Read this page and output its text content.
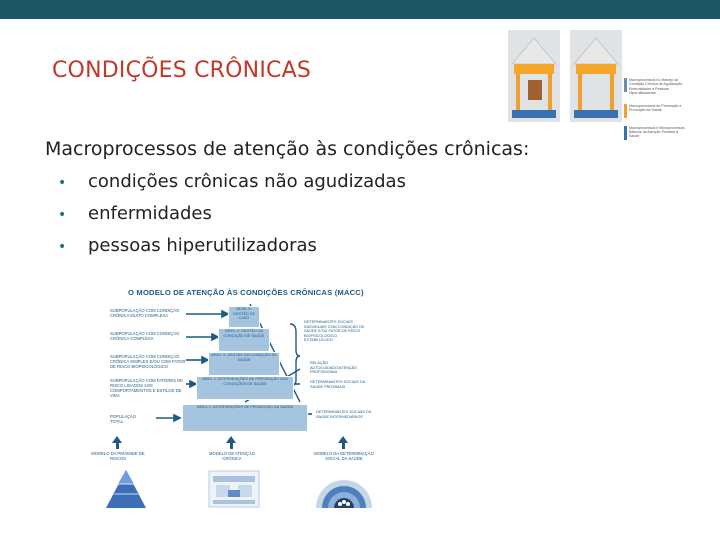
CONDIÇÕES CRÔNICAS	Macroprocessos no Manejo da Condição Crônica de Agudização, Enfermidades e Pessoas Hiperutilizadoras
Macroprocessos de Prevenção e Promoção da Saúde
Macroprocessos e Microprocessos Básicos da Atenção Primária à Saúde
Macroprocessos de atenção às condições crônicas:
• condições crônicas não agudizadas
• enfermidades
• pessoas hiperutilizadoras
O MODELO DE ATENÇÃO ÀS CONDIÇÕES CRÔNICAS (MACC)
SUBPOPULAÇÃO COM CONDIÇÃO CRÔNICA MUITO COMPLEXA
SUBPOPULAÇÃO COM CONDIÇÃO CRÔNICA COMPLEXA
SUBPOPULAÇÃO COM CONDIÇÃO CRÔNICA SIMPLES E/OU COM FATOR DE RISCO BIOPSICOLÓGICO
SUBPOPULAÇÃO COM FATORES DE RISCO LIGADOS AOS COMPORTAMENTOS E ESTILOS DE VIDA
POPULAÇÃO TOTAL
NÍVEL 5: GESTÃO DE CASO
NÍVEL 4: GESTÃO DA CONDIÇÃO DE SAÚDE
NÍVEL 3: GESTÃO DA CONDIÇÃO DE SAÚDE
NÍVEL 2: INTERVENÇÕES DE PREVENÇÃO DAS CONDIÇÕES DE SAÚDE
NÍVEL 1: INTERVENÇÕES DE PROMOÇÃO DA SAÚDE
DETERMINANTES SOCIAIS INDIVIDUAIS COM CONDIÇÃO DE SAÚDE E/OU FATOR DE RISCO BIOPSICOLÓGICO ESTABELECIDO
RELAÇÃO AUTOCUIDADO/ATENÇÃO PROFISSIONAL
DETERMINANTES SOCIAIS DA SAÚDE PROXIMAIS
DETERMINANTES SOCIAIS DA SAÚDE INTERMEDIÁRIOS
MODELO DA PIRÂMIDE DE RISCOS
MODELO DE ATENÇÃO CRÔNICA
MODELO DA DETERMINAÇÃO SOCIAL DA SAÚDE
